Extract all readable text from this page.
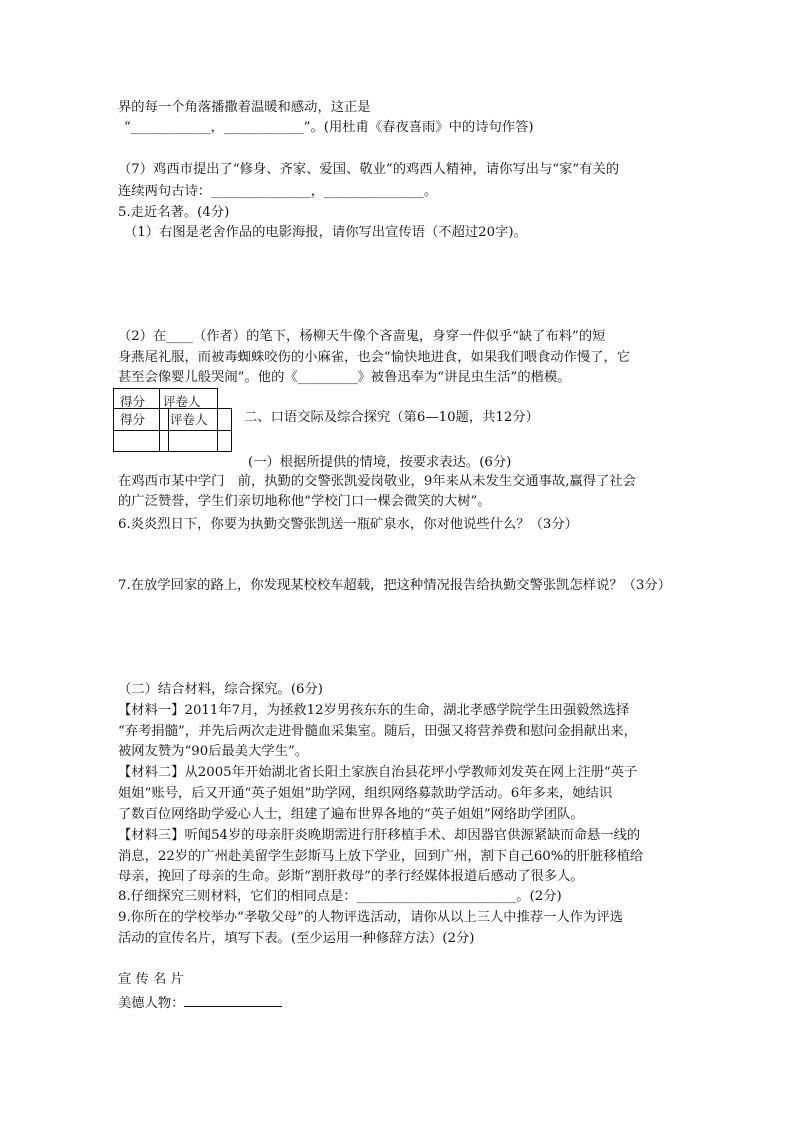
界的每一个角落播撒着温暖和感动，这正是
“____________，____________”。(用杜甫《春夜喜雨》中的诗句作答)
（7）鸡西市提出了“修身、齐家、爱国、敬业”的鸡西人精神，请你写出与“家”有关的
连续两句古诗：_______________，_______________。
5.走近名著。(4分)
（1）右图是老舍作品的电影海报，请你写出宣传语（不超过20字)。
（2）在____（作者）的笔下，杨柳天牛像个吝啬鬼，身穿一件似乎“缺了布料”的短
身燕尾礼服，而被毒蜘蛛咬伤的小麻雀，也会“愉快地进食，如果我们喂食动作慢了，它
甚至会像婴儿般哭闹”。他的《_________》被鲁迅奉为“讲昆虫生活”的楷模。
得分 评卷人
得分 评卷人	二、口语交际及综合探究（第6—10题，共12分）
(一）根据所提供的情境，按要求表达。(6分)
在鸡西市某中学门　前，执勤的交警张凯爱岗敬业，9年来从未发生交通事故,赢得了社会
的广泛赞誉，学生们亲切地称他“学校门口一棵会微笑的大树”。
6.炎炎烈日下，你要为执勤交警张凯送一瓶矿泉水，你对他说些什么？（3分）
7.在放学回家的路上，你发现某校校车超载，把这种情况报告给执勤交警张凯怎样说？（3分）
（二）结合材料，综合探究。(6分)
【材料一】2011年7月，为拯救12岁男孩东东的生命，湖北孝感学院学生田强毅然选择
“弃考捐髓”，并先后两次走进骨髓血采集室。随后，田强又将营养费和慰问金捐献出来，
被网友赞为“90后最美大学生”。
【材料二】从2005年开始湖北省长阳土家族自治县花坪小学教师刘发英在网上注册“英子
姐姐”账号，后又开通“英子姐姐”助学网，组织网络募款助学活动。6年多来，她结识
了数百位网络助学爱心人士，组建了遍布世界各地的“英子姐姐”网络助学团队。
【材料三】听闻54岁的母亲肝炎晚期需进行肝移植手术、却因器官供源紧缺而命悬一线的
消息，22岁的广州赴美留学生彭斯马上放下学业，回到广州，割下自己60%的肝脏移植给
母亲，挽回了母亲的生命。彭斯“割肝救母”的孝行经媒体报道后感动了很多人。
8.仔细探究三则材料，它们的相同点是：________________________。(2分)
9.你所在的学校举办“孝敬父母”的人物评选活动，请你从以上三人中推荐一人作为评选
活动的宣传名片，填写下表。(至少运用一种修辞方法）(2分)
宣 传 名 片
美德人物：
